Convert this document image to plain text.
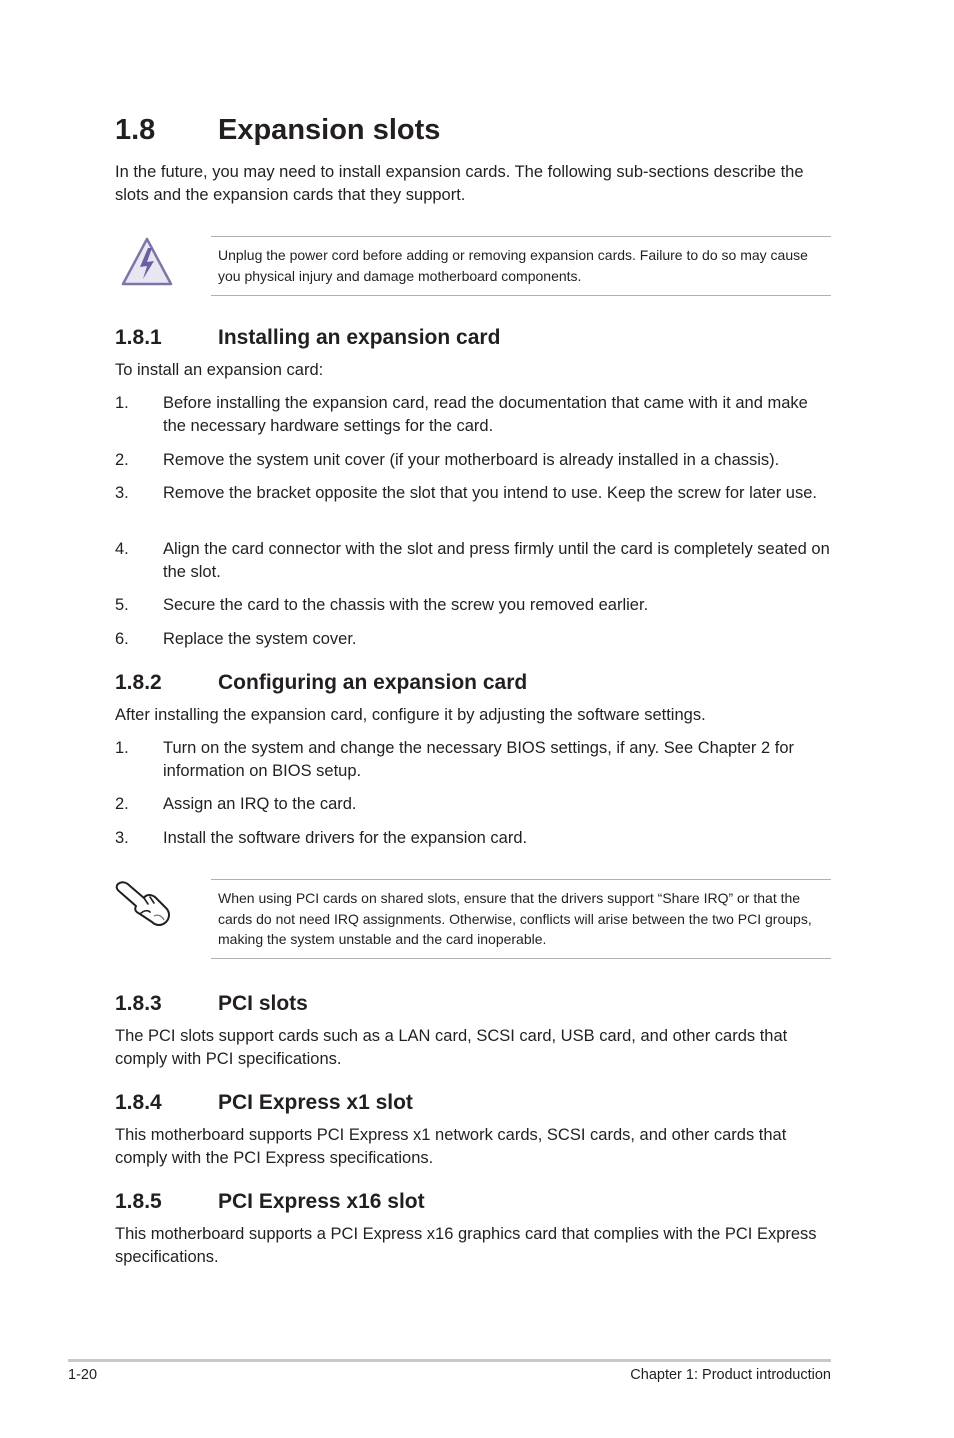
1.8 Expansion slots
In the future, you may need to install expansion cards. The following sub-sections describe the slots and the expansion cards that they support.
Unplug the power cord before adding or removing expansion cards. Failure to do so may cause you physical injury and damage motherboard components.
1.8.1	Installing an expansion card
To install an expansion card:
1. Before installing the expansion card, read the documentation that came with it and make the necessary hardware settings for the card.
2. Remove the system unit cover (if your motherboard is already installed in a chassis).
3. Remove the bracket opposite the slot that you intend to use. Keep the screw for later use.
4. Align the card connector with the slot and press firmly until the card is completely seated on the slot.
5. Secure the card to the chassis with the screw you removed earlier.
6. Replace the system cover.
1.8.2	Configuring an expansion card
After installing the expansion card, configure it by adjusting the software settings.
1. Turn on the system and change the necessary BIOS settings, if any. See Chapter 2 for information on BIOS setup.
2. Assign an IRQ to the card.
3. Install the software drivers for the expansion card.
When using PCI cards on shared slots, ensure that the drivers support “Share IRQ” or that the cards do not need IRQ assignments. Otherwise, conflicts will arise between the two PCI groups, making the system unstable and the card inoperable.
1.8.3	PCI slots
The PCI slots support cards such as a LAN card, SCSI card, USB card, and other cards that comply with PCI specifications.
1.8.4	PCI Express x1 slot
This motherboard supports PCI Express x1 network cards, SCSI cards, and other cards that comply with the PCI Express specifications.
1.8.5	PCI Express x16 slot
This motherboard supports a PCI Express x16 graphics card that complies with the PCI Express specifications.
1-20	Chapter 1: Product introduction
